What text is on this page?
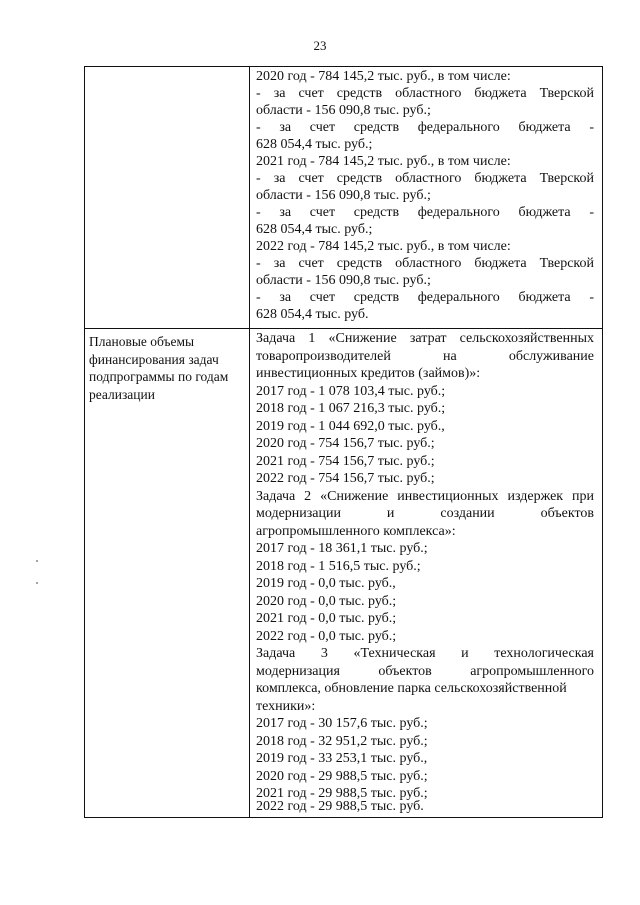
23
2020 год - 784 145,2 тыс. руб., в том числе:
- за счет средств областного бюджета Тверской
области - 156 090,8 тыс. руб.;
- за счет средств федерального бюджета -
628 054,4 тыс. руб.;
2021 год - 784 145,2 тыс. руб., в том числе:
- за счет средств областного бюджета Тверской
области - 156 090,8 тыс. руб.;
- за счет средств федерального бюджета -
628 054,4 тыс. руб.;
2022 год - 784 145,2 тыс. руб., в том числе:
- за счет средств областного бюджета Тверской
области - 156 090,8 тыс. руб.;
- за счет средств федерального бюджета -
628 054,4 тыс. руб.
Плановые объемы финансирования задач подпрограммы по годам реализации
Задача 1 «Снижение затрат сельскохозяйственных
товаропроизводителей на обслуживание
инвестиционных кредитов (займов)»:
2017 год - 1 078 103,4 тыс. руб.;
2018 год - 1 067 216,3 тыс. руб.;
2019 год - 1 044 692,0 тыс. руб.,
2020 год - 754 156,7 тыс. руб.;
2021 год - 754 156,7 тыс. руб.;
2022 год - 754 156,7 тыс. руб.;
Задача 2 «Снижение инвестиционных издержек при
модернизации и создании объектов
агропромышленного комплекса»:
2017 год - 18 361,1 тыс. руб.;
2018 год - 1 516,5 тыс. руб.;
2019 год - 0,0 тыс. руб.,
2020 год - 0,0 тыс. руб.;
2021 год - 0,0 тыс. руб.;
2022 год - 0,0 тыс. руб.;
Задача 3 «Техническая и технологическая
модернизация объектов агропромышленного
комплекса, обновление парка сельскохозяйственной
техники»:
2017 год - 30 157,6 тыс. руб.;
2018 год - 32 951,2 тыс. руб.;
2019 год - 33 253,1 тыс. руб.,
2020 год - 29 988,5 тыс. руб.;
2021 год - 29 988,5 тыс. руб.;
2022 год - 29 988,5 тыс. руб.
